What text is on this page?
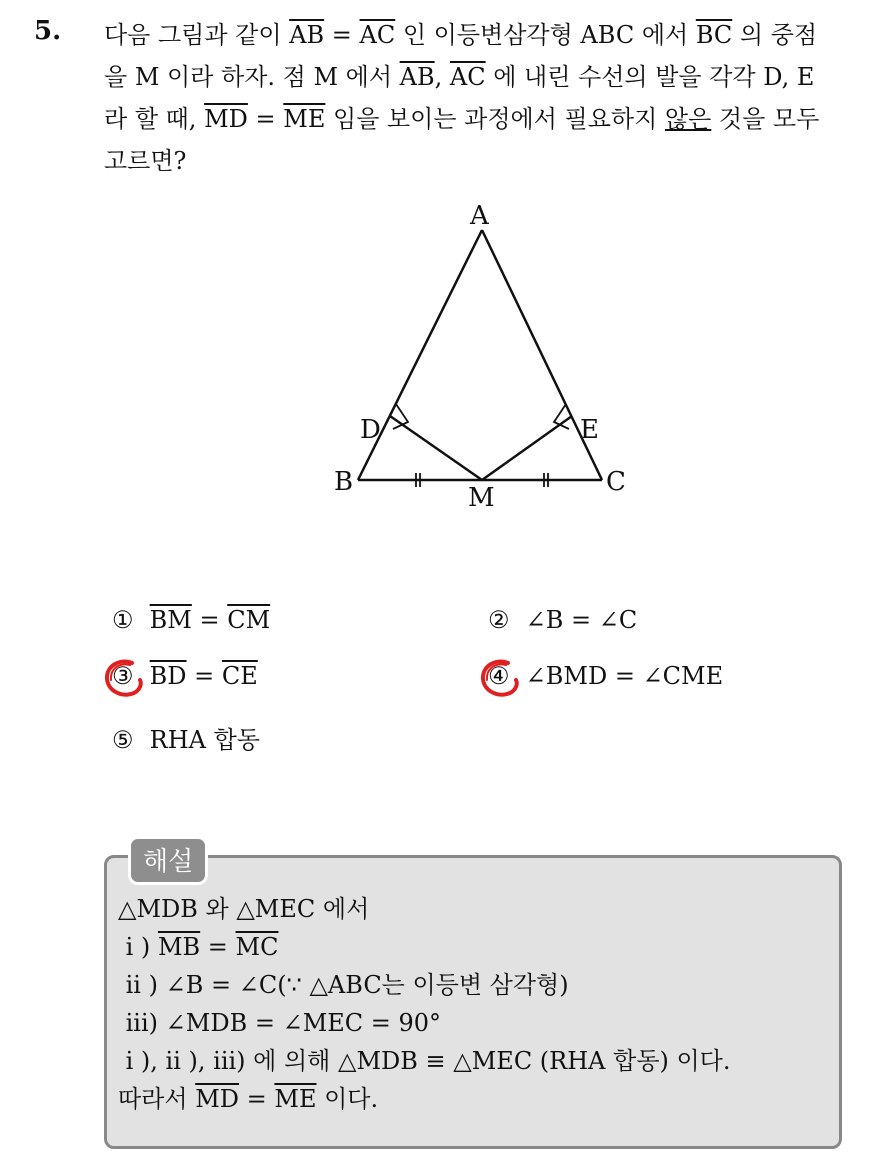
5. 다음 그림과 같이 $\overline{AB} = \overline{AC}$ 인 이등변삼각형 ABC 에서 $\overline{BC}$ 의 중점
을 M 이라 하자. 점 M 에서 $\overline{AB}$, $\overline{AC}$ 에 내린 수선의 발을 각각 D, E
라 할 때, $\overline{MD} = \overline{ME}$ 임을 보이는 과정에서 필요하지 않은 것을 모두
고르면?
A
B	C
D	E
M
① $\overline{BM} = \overline{CM}$	② ∠B = ∠C
③ $\overline{BD} = \overline{CE}$	④ ∠BMD = ∠CME
⑤ RHA 합동
해설
△MDB 와 △MEC 에서
i ) $\overline{MB} = \overline{MC}$
ii ) ∠B = ∠C(∵ △ABC는 이등변 삼각형)
iii) ∠MDB = ∠MEC = 90°
i ), ii ), iii) 에 의해 △MDB ≡ △MEC (RHA 합동) 이다.
따라서 $\overline{MD} = \overline{ME}$ 이다.
